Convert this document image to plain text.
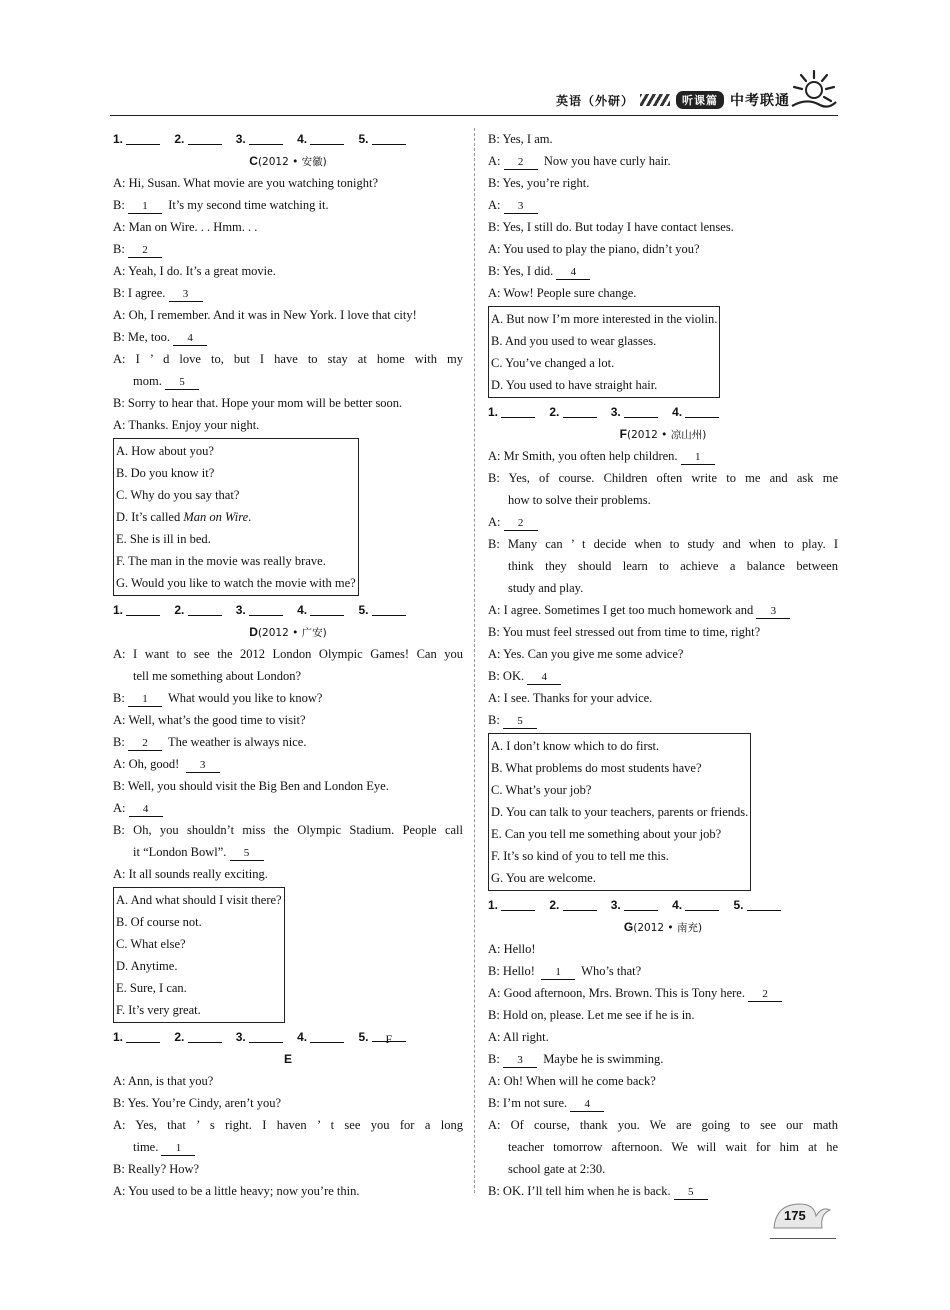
英语（外研）	听课篇 中考联通
1.	2.	3.	4.	5.
C(2012 • 安徽)
A: Hi, Susan. What movie are you watching tonight?
B: 1  It’s my second time watching it.
A: Man on Wire. . . Hmm. . .
B: 2
A: Yeah, I do. It’s a great movie.
B: I agree. 3
A: Oh, I remember. And it was in New York. I love that city!
B: Me, too. 4
A: I ’ d love to, but I have to stay at home with my
mom. 5
B: Sorry to hear that. Hope your mom will be better soon.
A: Thanks. Enjoy your night.
A. How about you?
B. Do you know it?
C. Why do you say that?
D. It’s called Man on Wire.
E. She is ill in bed.
F. The man in the movie was really brave.
G. Would you like to watch the movie with me?
1.	2.	3.	4.	5.
D(2012 • 广安)
A: I want to see the 2012 London Olympic Games! Can you
tell me something about London?
B: 1  What would you like to know?
A: Well, what’s the good time to visit?
B: 2  The weather is always nice.
A: Oh, good!  3
B: Well, you should visit the Big Ben and London Eye.
A: 4
B: Oh, you shouldn’t miss the Olympic Stadium. People call
it “London Bowl”. 5
A: It all sounds really exciting.
A. And what should I visit there?
B. Of course not.
C. What else?
D. Anytime.
E. Sure, I can.
F. It’s very great.
1.	2.	3.	4.	5. F
E
A: Ann, is that you?
B: Yes. You’re Cindy, aren’t you?
A: Yes, that ’ s right. I haven ’ t see you for a long
time. 1
B: Really? How?
A: You used to be a little heavy; now you’re thin.
B: Yes, I am.
A: 2  Now you have curly hair.
B: Yes, you’re right.
A: 3
B: Yes, I still do. But today I have contact lenses.
A: You used to play the piano, didn’t you?
B: Yes, I did. 4
A: Wow! People sure change.
A. But now I’m more interested in the violin.
B. And you used to wear glasses.
C. You’ve changed a lot.
D. You used to have straight hair.
1.	2.	3.	4.
F(2012 • 凉山州)
A: Mr Smith, you often help children. 1
B: Yes, of course. Children often write to me and ask me
how to solve their problems.
A: 2
B: Many can ’ t decide when to study and when to play. I
think they should learn to achieve a balance between
study and play.
A: I agree. Sometimes I get too much homework and 3
B: You must feel stressed out from time to time, right?
A: Yes. Can you give me some advice?
B: OK. 4
A: I see. Thanks for your advice.
B: 5
A. I don’t know which to do first.
B. What problems do most students have?
C. What’s your job?
D. You can talk to your teachers, parents or friends.
E. Can you tell me something about your job?
F. It’s so kind of you to tell me this.
G. You are welcome.
1.	2.	3.	4.	5.
G(2012 • 南充)
A: Hello!
B: Hello!  1  Who’s that?
A: Good afternoon, Mrs. Brown. This is Tony here. 2
B: Hold on, please. Let me see if he is in.
A: All right.
B: 3  Maybe he is swimming.
A: Oh! When will he come back?
B: I’m not sure. 4
A: Of course, thank you. We are going to see our math
teacher tomorrow afternoon. We will wait for him at he
school gate at 2:30.
B: OK. I’ll tell him when he is back. 5
175
